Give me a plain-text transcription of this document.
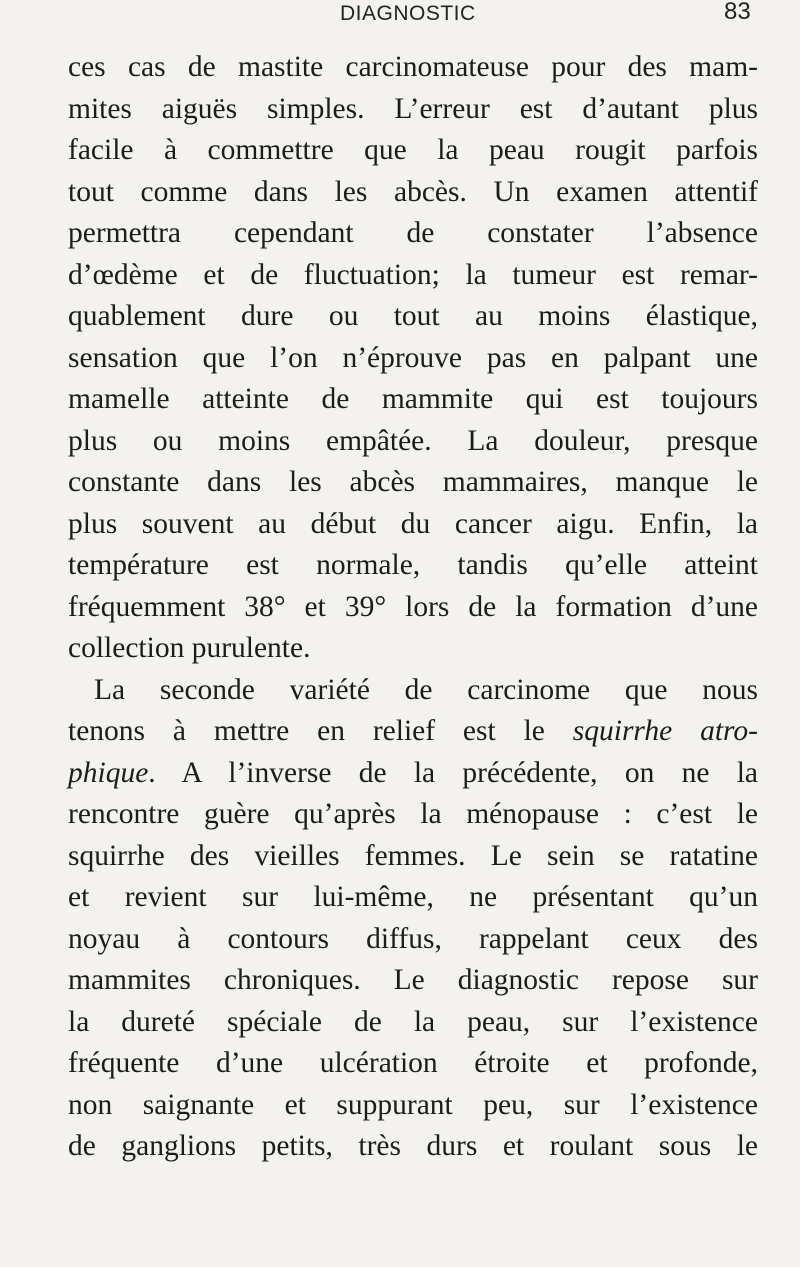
DIAGNOSTIC	83
ces cas de mastite carcinomateuse pour des mam-
mites aiguës simples. L’erreur est d’autant plus
facile à commettre que la peau rougit parfois
tout comme dans les abcès. Un examen attentif
permettra cependant de constater l’absence
d’œdème et de fluctuation; la tumeur est remar-
quablement dure ou tout au moins élastique,
sensation que l’on n’éprouve pas en palpant une
mamelle atteinte de mammite qui est toujours
plus ou moins empâtée. La douleur, presque
constante dans les abcès mammaires, manque le
plus souvent au début du cancer aigu. Enfin, la
température est normale, tandis qu’elle atteint
fréquemment 38° et 39° lors de la formation d’une
collection purulente.
La seconde variété de carcinome que nous
tenons à mettre en relief est le squirrhe atro-
phique. A l’inverse de la précédente, on ne la
rencontre guère qu’après la ménopause : c’est le
squirrhe des vieilles femmes. Le sein se ratatine
et revient sur lui-même, ne présentant qu’un
noyau à contours diffus, rappelant ceux des
mammites chroniques. Le diagnostic repose sur
la dureté spéciale de la peau, sur l’existence
fréquente d’une ulcération étroite et profonde,
non saignante et suppurant peu, sur l’existence
de ganglions petits, très durs et roulant sous le
